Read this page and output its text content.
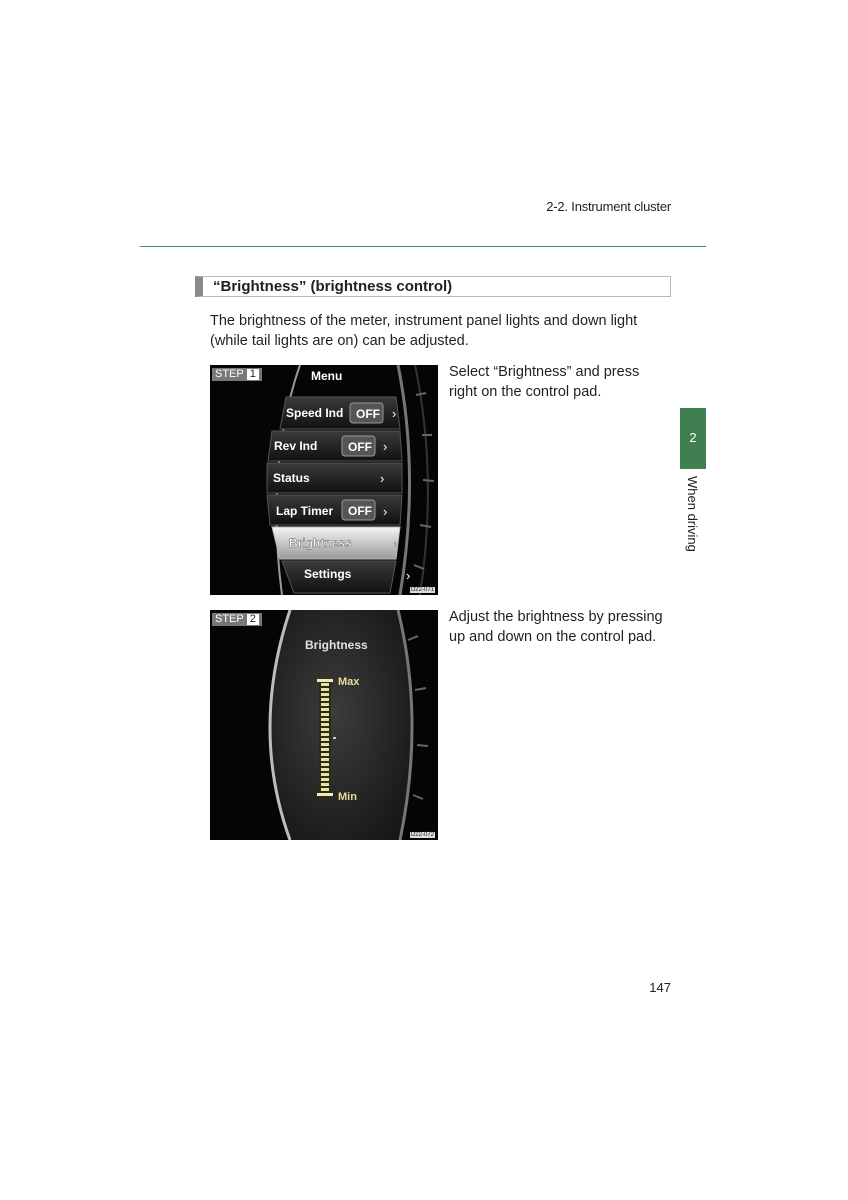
2-2. Instrument cluster
2
When driving
“Brightness” (brightness control)

The brightness of the meter, instrument panel lights and down light (while tail lights are on) can be adjusted.

Menu
Speed Ind OFF ›
Rev Ind	OFF ›
Status	›
Lap Timer OFF ›
Brightness	›
Settings	›
STEP 1
O22-071

Select “Brightness” and press right on the control pad.

Brightness
Max
Min
STEP 2
O22-072

Adjust the brightness by pressing up and down on the control pad.

147
